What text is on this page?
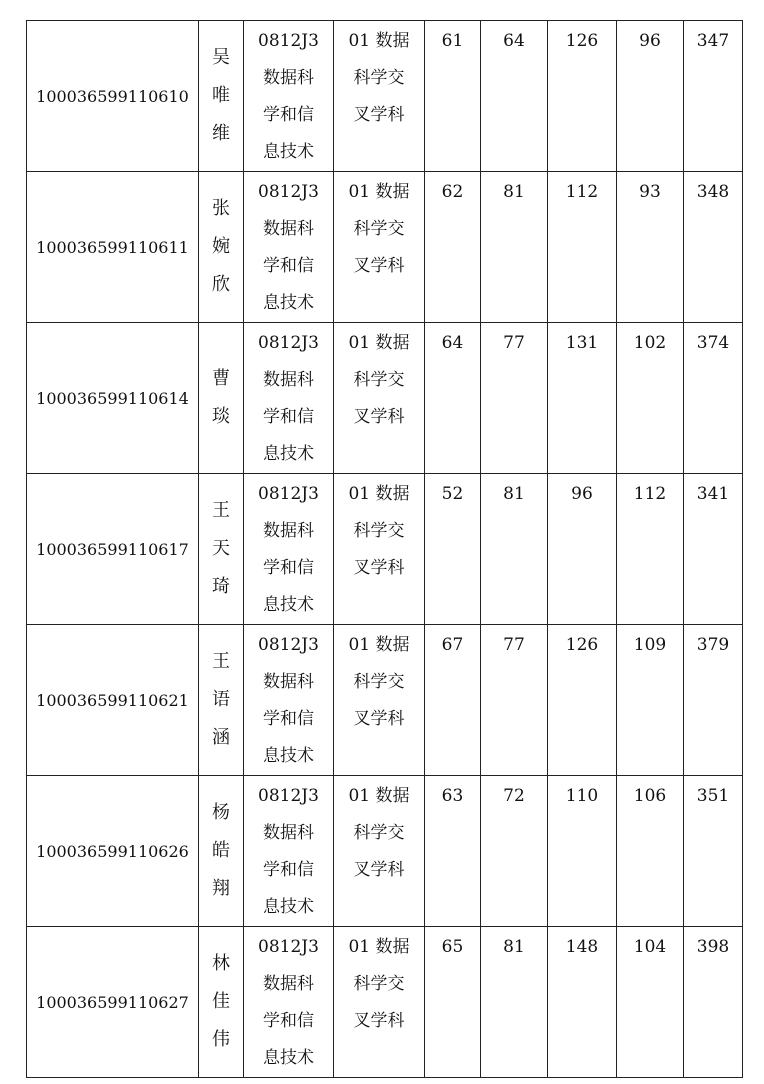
100036599110610	吴
唯
维	0812J3
数据科
学和信
息技术	01 数据
科学交
叉学科	61	64	126	96	347
100036599110611	张
婉
欣	0812J3
数据科
学和信
息技术	01 数据
科学交
叉学科	62	81	112	93	348
100036599110614	曹
琰	0812J3
数据科
学和信
息技术	01 数据
科学交
叉学科	64	77	131	102	374
100036599110617	王
天
琦	0812J3
数据科
学和信
息技术	01 数据
科学交
叉学科	52	81	96	112	341
100036599110621	王
语
涵	0812J3
数据科
学和信
息技术	01 数据
科学交
叉学科	67	77	126	109	379
100036599110626	杨
皓
翔	0812J3
数据科
学和信
息技术	01 数据
科学交
叉学科	63	72	110	106	351
100036599110627	林
佳
伟	0812J3
数据科
学和信
息技术	01 数据
科学交
叉学科	65	81	148	104	398
